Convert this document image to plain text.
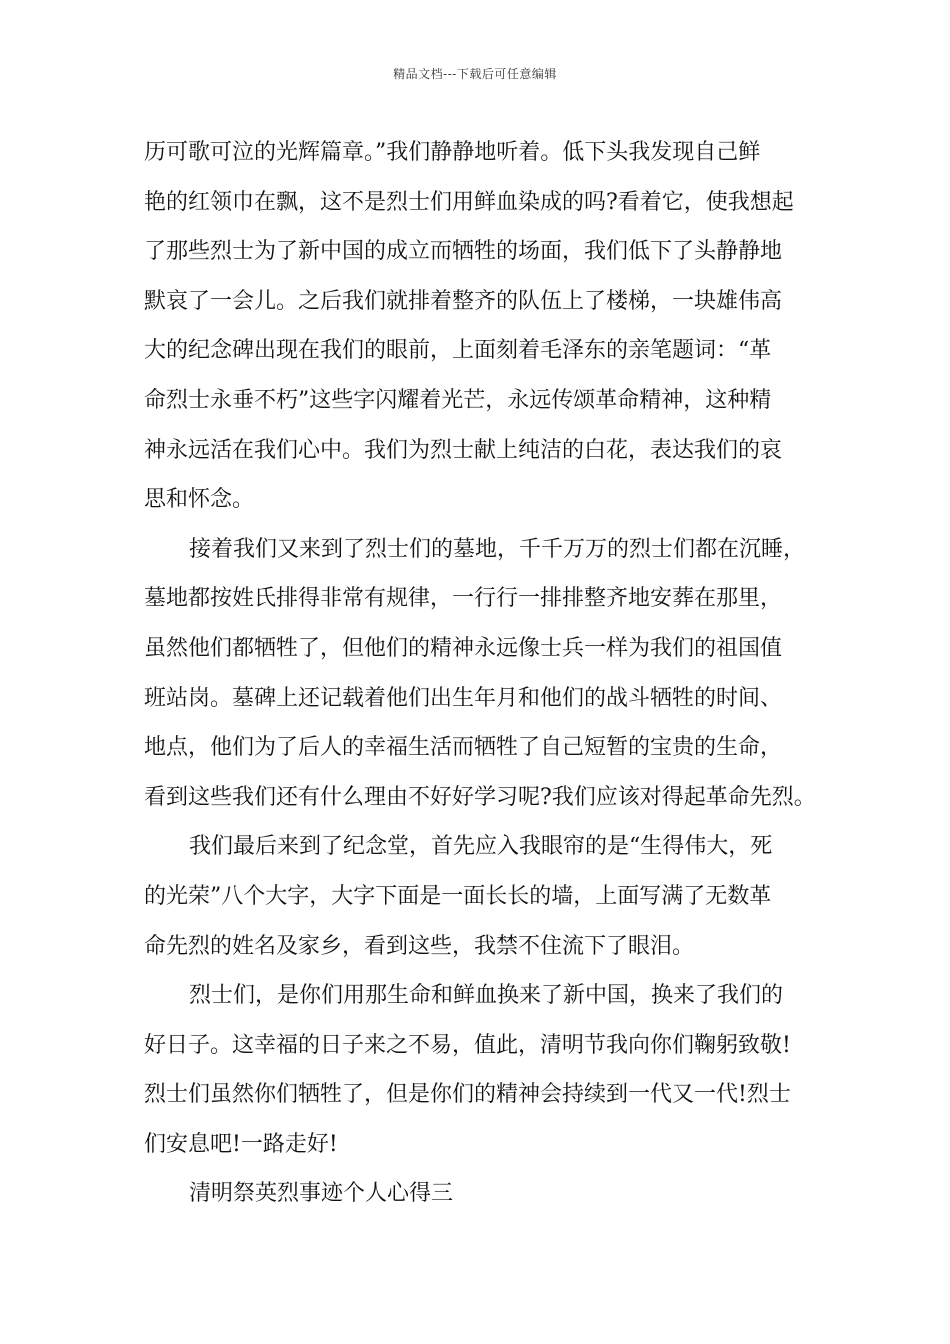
精品文档---下载后可任意编辑

历可歌可泣的光辉篇章。”我们静静地听着。低下头我发现自己鲜
艳的红领巾在飘，这不是烈士们用鲜血染成的吗?看着它，使我想起
了那些烈士为了新中国的成立而牺牲的场面，我们低下了头静静地
默哀了一会儿。之后我们就排着整齐的队伍上了楼梯，一块雄伟高
大的纪念碑出现在我们的眼前，上面刻着毛泽东的亲笔题词：“革
命烈士永垂不朽”这些字闪耀着光芒，永远传颂革命精神，这种精
神永远活在我们心中。我们为烈士献上纯洁的白花，表达我们的哀
思和怀念。

接着我们又来到了烈士们的墓地，千千万万的烈士们都在沉睡，
墓地都按姓氏排得非常有规律，一行行一排排整齐地安葬在那里，
虽然他们都牺牲了，但他们的精神永远像士兵一样为我们的祖国值
班站岗。墓碑上还记载着他们出生年月和他们的战斗牺牲的时间、
地点，他们为了后人的幸福生活而牺牲了自己短暂的宝贵的生命，
看到这些我们还有什么理由不好好学习呢?我们应该对得起革命先烈。

我们最后来到了纪念堂，首先应入我眼帘的是“生得伟大，死
的光荣”八个大字，大字下面是一面长长的墙，上面写满了无数革
命先烈的姓名及家乡，看到这些，我禁不住流下了眼泪。

烈士们，是你们用那生命和鲜血换来了新中国，换来了我们的
好日子。这幸福的日子来之不易，值此，清明节我向你们鞠躬致敬!
烈士们虽然你们牺牲了，但是你们的精神会持续到一代又一代!烈士
们安息吧!一路走好!

清明祭英烈事迹个人心得三
